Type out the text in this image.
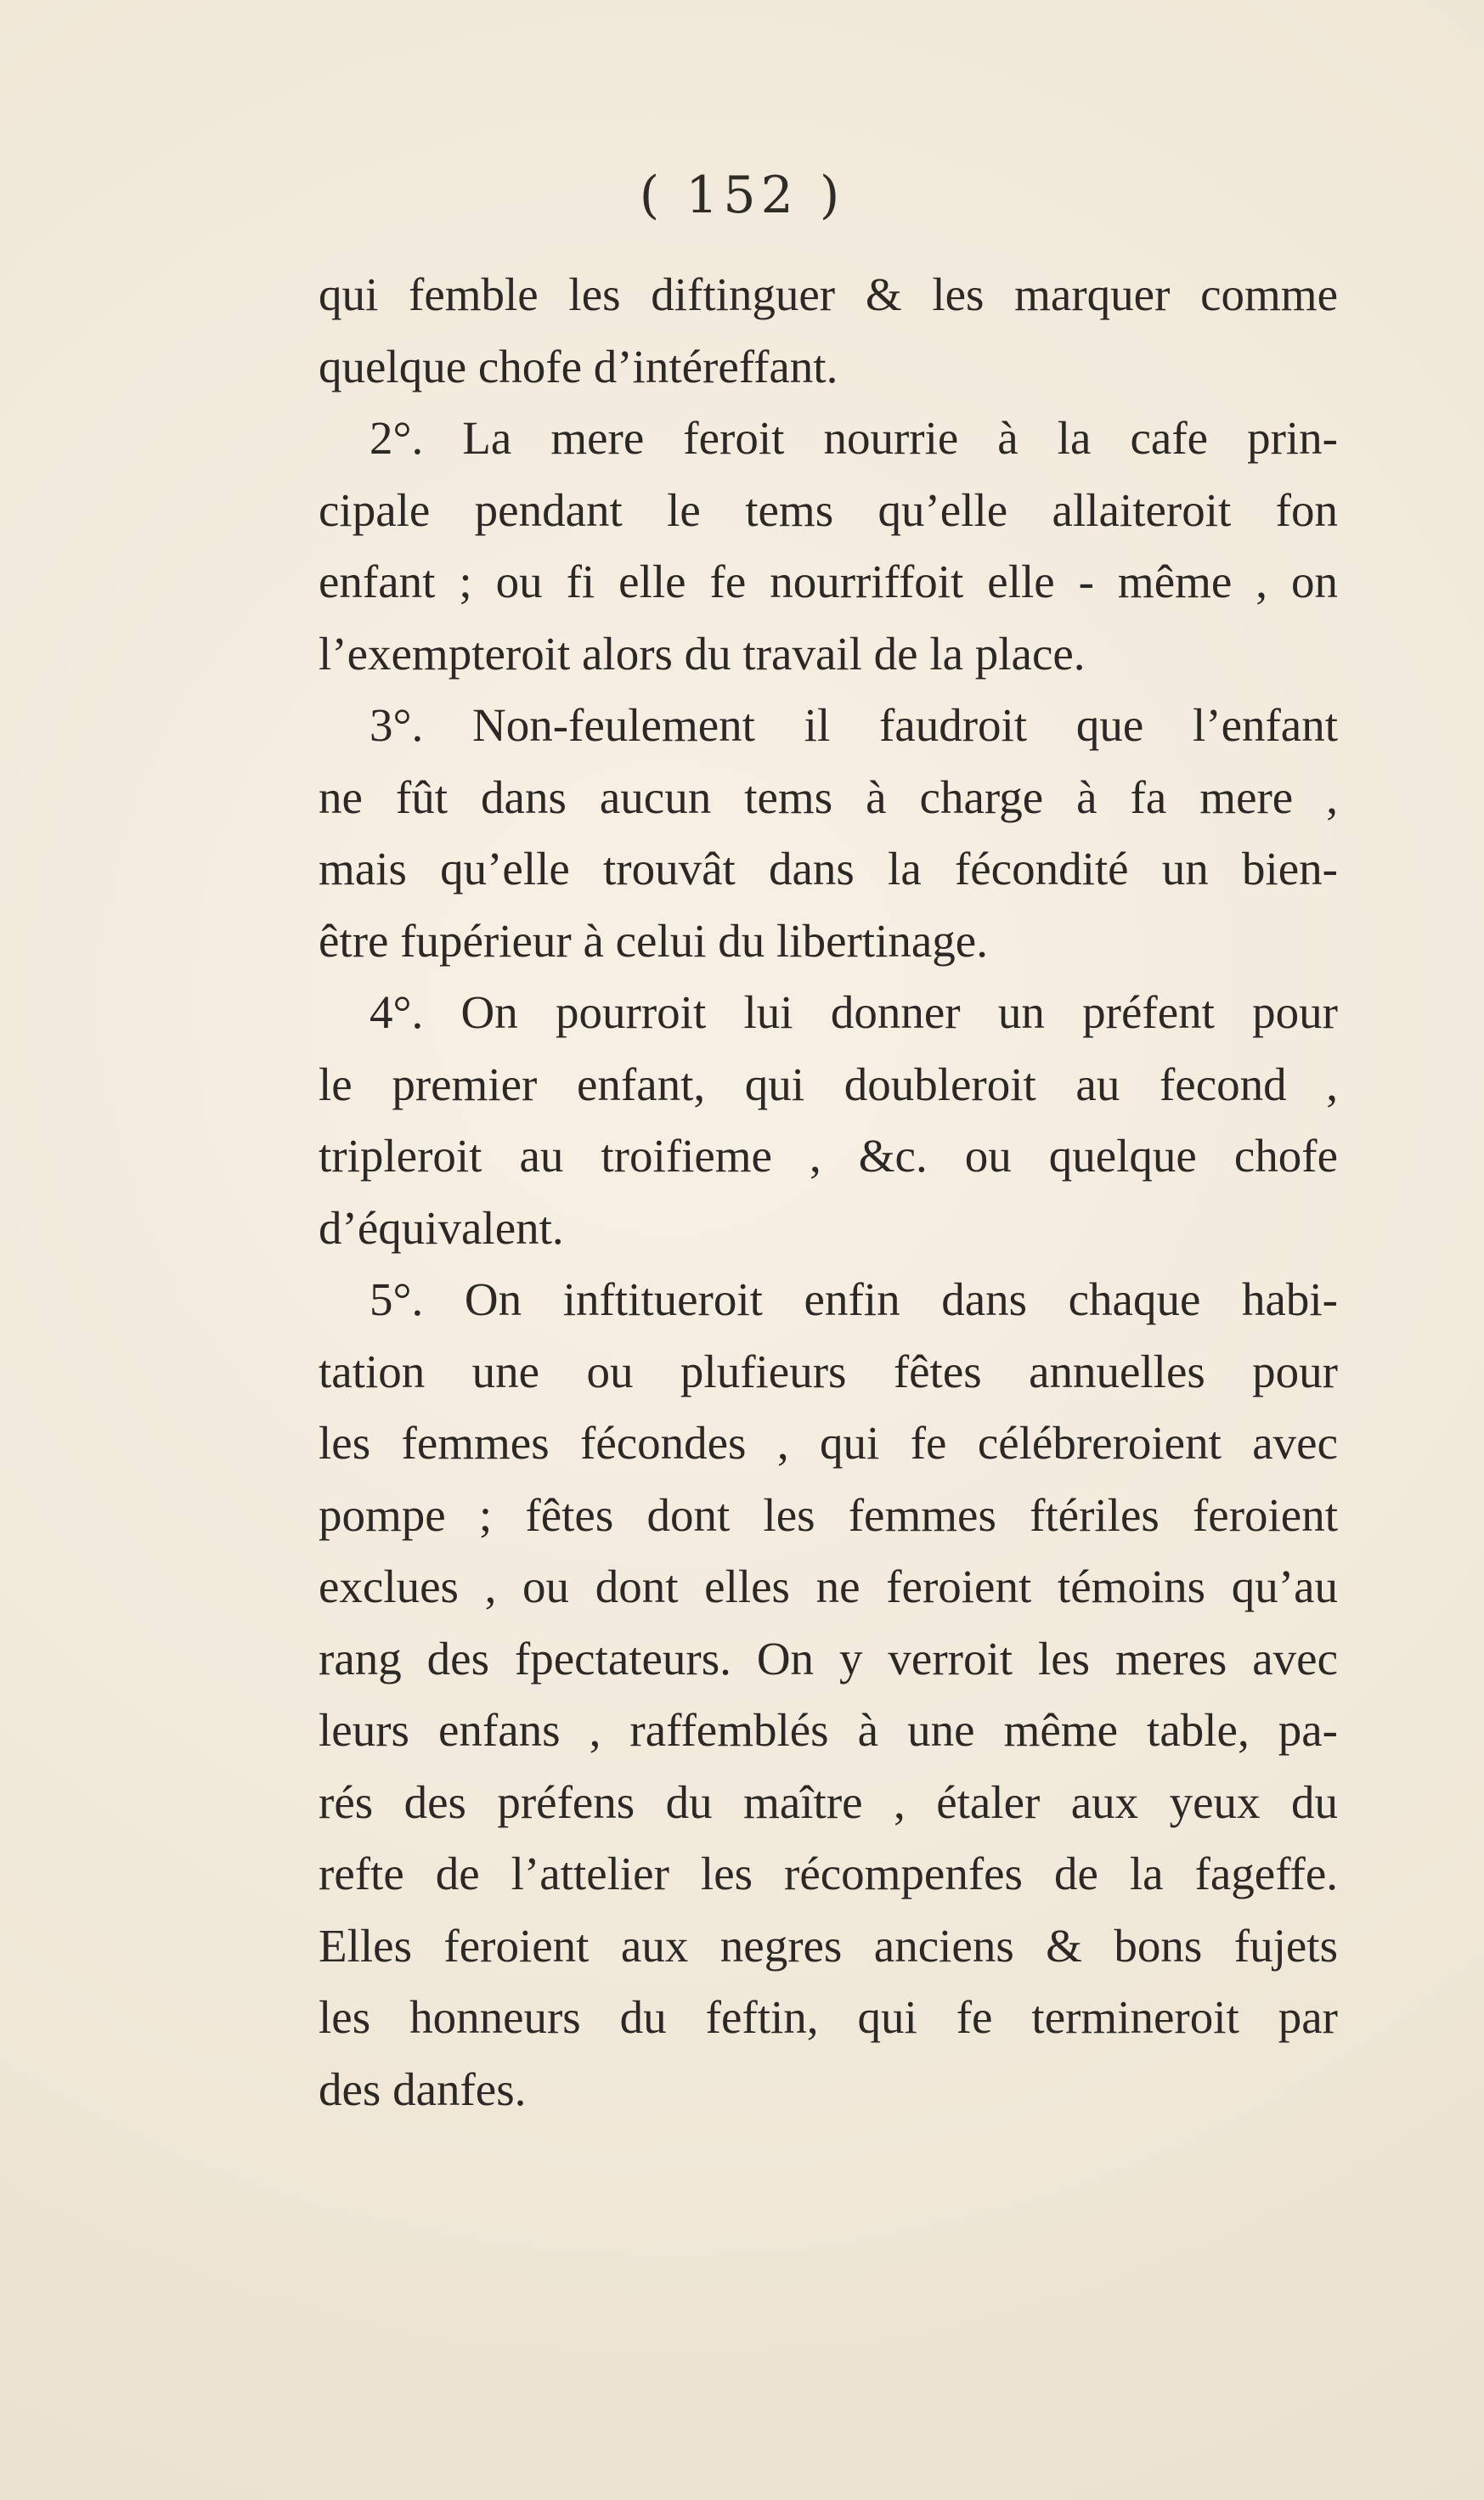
( 152 )
qui femble les diftinguer & les marquer comme
quelque chofe d’intéreffant.
2°. La mere feroit nourrie à la cafe prin-
cipale pendant le tems qu’elle allaiteroit fon
enfant ; ou fi elle fe nourriffoit elle - même , on
l’exempteroit alors du travail de la place.
3°. Non-feulement il faudroit que l’enfant
ne fût dans aucun tems à charge à fa mere ,
mais qu’elle trouvât dans la fécondité un bien-
être fupérieur à celui du libertinage.
4°. On pourroit lui donner un préfent pour
le premier enfant, qui doubleroit au fecond ,
tripleroit au troifieme , &c. ou quelque chofe
d’équivalent.
5°. On inftitueroit enfin dans chaque habi-
tation une ou plufieurs fêtes annuelles pour
les femmes fécondes , qui fe célébreroient avec
pompe ; fêtes dont les femmes ftériles feroient
exclues , ou dont elles ne feroient témoins qu’au
rang des fpectateurs. On y verroit les meres avec
leurs enfans , raffemblés à une même table, pa-
rés des préfens du maître , étaler aux yeux du
refte de l’attelier les récompenfes de la fageffe.
Elles feroient aux negres anciens & bons fujets
les honneurs du feftin, qui fe termineroit par
des danfes.
